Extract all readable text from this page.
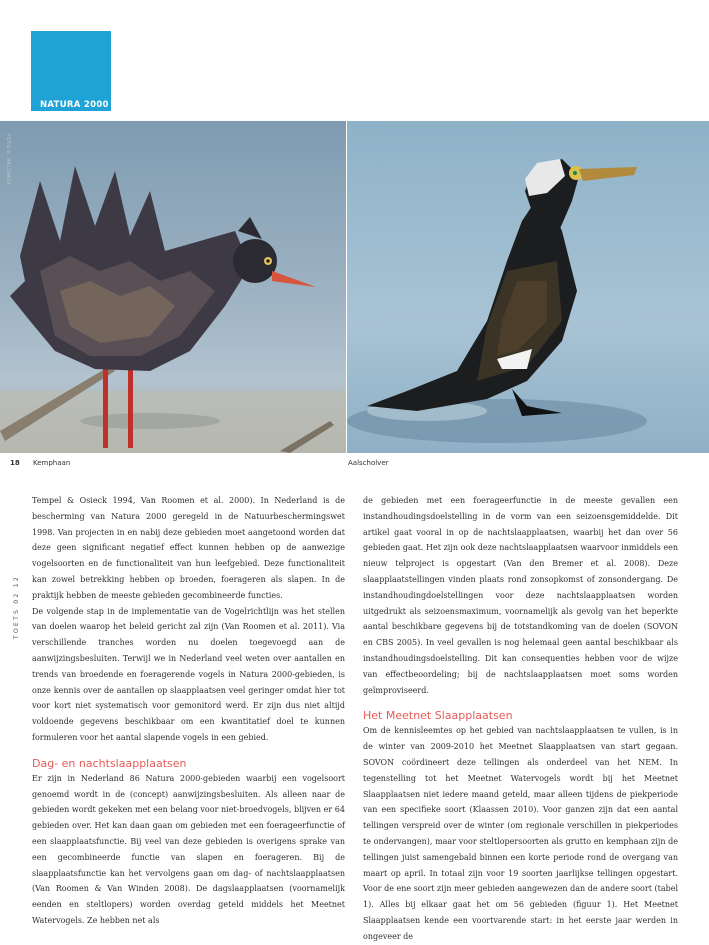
NATURA 2000
FOTO E. PALZIMER
18 Kemphaan	Aalscholver
TOETS 02 12

Tempel & Osieck 1994, Van Roomen et al. 2000). In Nederland is de bescherming van Natura 2000 geregeld in de Natuurbeschermingswet 1998. Van projecten in en nabij deze gebieden moet aangetoond worden dat deze geen significant negatief effect kunnen hebben op de aanwezige vogelsoorten en de functionaliteit van hun leefgebied. Deze functionaliteit kan zowel betrekking hebben op broeden, foerageren als slapen. In de praktijk hebben de meeste gebieden gecombineerde functies.

De volgende stap in de implementatie van de Vogelrichtlijn was het stellen van doelen waarop het beleid gericht zal zijn (Van Roomen et al. 2011). Via verschillende tranches worden nu doelen toegevoegd aan de aanwijzingsbesluiten. Terwijl we in Nederland veel weten over aantallen en trends van broedende en foeragerende vogels in Natura 2000-gebieden, is onze kennis over de aantallen op slaapplaatsen veel geringer omdat hier tot voor kort niet systematisch voor gemonitord werd. Er zijn dus niet altijd voldoende gegevens beschikbaar om een kwantitatief doel te kunnen formuleren voor het aantal slapende vogels in een gebied.

Dag- en nachtslaapplaatsen

Er zijn in Nederland 86 Natura 2000-gebieden waarbij een vogelsoort genoemd wordt in de (concept) aanwijzingsbesluiten. Als alleen naar de gebieden wordt gekeken met een belang voor niet-broedvogels, blijven er 64 gebieden over. Het kan daan gaan om gebieden met een foerageerfunctie of een slaapplaatsfunctie. Bij veel van deze gebieden is overigens sprake van een gecombineerde functie van slapen en foerageren. Bij de slaapplaatsfunctie kan het vervolgens gaan om dag- of nachtslaapplaatsen (Van Roomen & Van Winden 2008). De dagslaapplaatsen (voornamelijk eenden en steltlopers) worden overdag geteld middels het Meetnet Watervogels. Ze hebben net als

de gebieden met een foerageerfunctie in de meeste gevallen een instandhoudingsdoelstelling in de vorm van een seizoensgemiddelde. Dit artikel gaat vooral in op de nachtslaapplaatsen, waarbij het dan over 56 gebieden gaat. Het zijn ook deze nachtslaapplaatsen waarvoor inmiddels een nieuw telproject is opgestart (Van den Bremer et al. 2008). Deze slaapplaatstellingen vinden plaats rond zonsopkomst of zonsondergang. De instandhoudingdoelstellingen voor deze nachtslaapplaatsen worden uitgedrukt als seizoensmaximum, voornamelijk als gevolg van het beperkte aantal beschikbare gegevens bij de totstandkoming van de doelen (SOVON en CBS 2005). In veel gevallen is nog helemaal geen aantal beschikbaar als instandhoudingsdoelstelling. Dit kan consequenties hebben voor de wijze van effectbeoordeling; bij de nachtslaapplaatsen moet soms worden geïmproviseerd.

Het Meetnet Slaapplaatsen

Om de kennisleemtes op het gebied van nachtslaapplaatsen te vullen, is in de winter van 2009-2010 het Meetnet Slaapplaatsen van start gegaan. SOVON coördineert deze tellingen als onderdeel van het NEM. In tegenstelling tot het Meetnet Watervogels wordt bij het Meetnet Slaapplaatsen niet iedere maand geteld, maar alleen tijdens de piekperiode van een specifieke soort (Klaassen 2010). Voor ganzen zijn dat een aantal tellingen verspreid over de winter (om regionale verschillen in piekperiodes te ondervangen), maar voor steltlopersoorten als grutto en kemphaan zijn de tellingen juist samengebald binnen een korte periode rond de overgang van maart op april. In totaal zijn voor 19 soorten jaarlijkse tellingen opgestart. Voor de ene soort zijn meer gebieden aangewezen dan de andere soort (tabel 1). Alles bij elkaar gaat het om 56 gebieden (figuur 1). Het Meetnet Slaapplaatsen kende een voortvarende start: in het eerste jaar werden in ongeveer de
